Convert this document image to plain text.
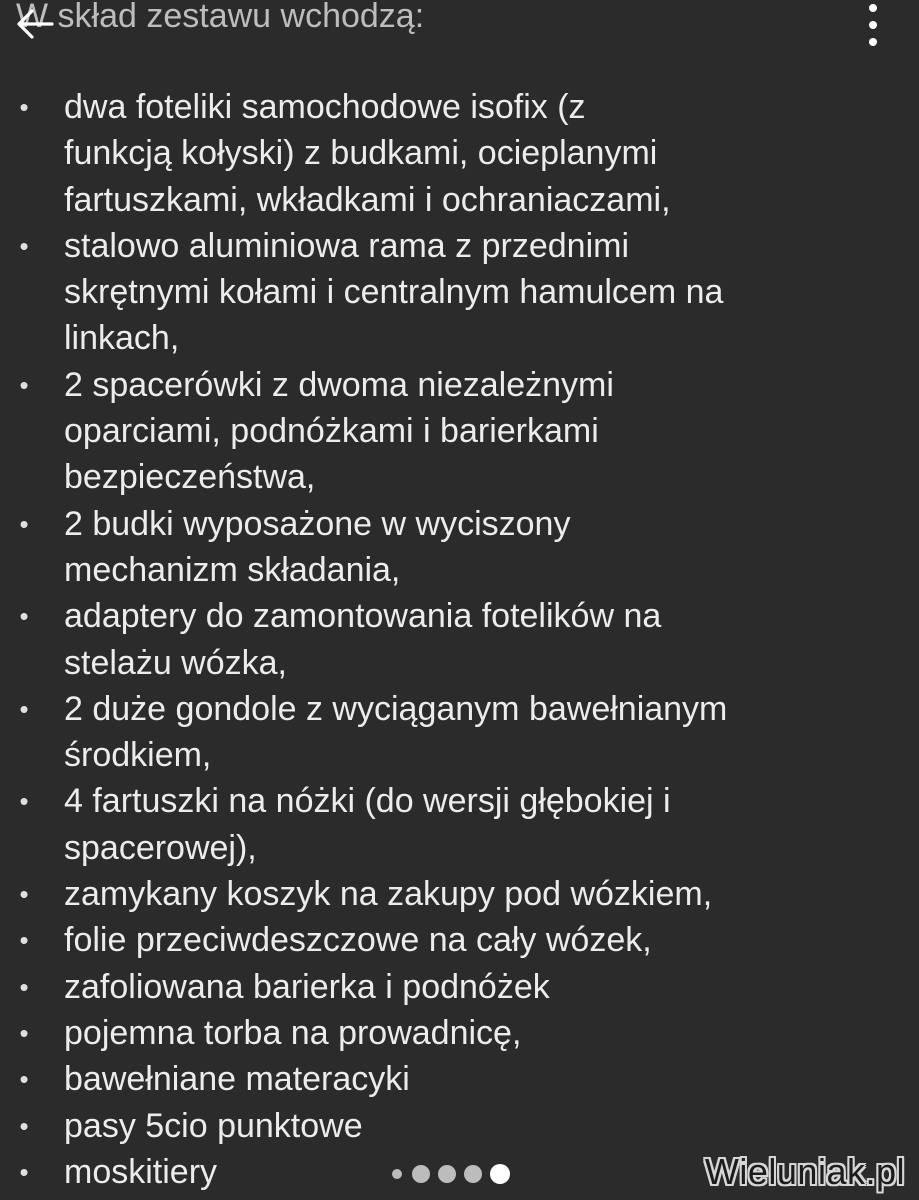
W skład zestawu wchodzą:
• dwa foteliki samochodowe isofix (z
funkcją kołyski) z budkami, ocieplanymi
fartuszkami, wkładkami i ochraniaczami,
• stalowo aluminiowa rama z przednimi
skrętnymi kołami i centralnym hamulcem na
linkach,
• 2 spacerówki z dwoma niezależnymi
oparciami, podnóżkami i barierkami
bezpieczeństwa,
• 2 budki wyposażone w wyciszony
mechanizm składania,
• adaptery do zamontowania fotelików na
stelażu wózka,
• 2 duże gondole z wyciąganym bawełnianym
środkiem,
• 4 fartuszki na nóżki (do wersji głębokiej i
spacerowej),
• zamykany koszyk na zakupy pod wózkiem,
• folie przeciwdeszczowe na cały wózek,
• zafoliowana barierka i podnóżek
• pojemna torba na prowadnicę,
• bawełniane materacyki
• pasy 5cio punktowe
• moskitiery	Wieluniak.pl
